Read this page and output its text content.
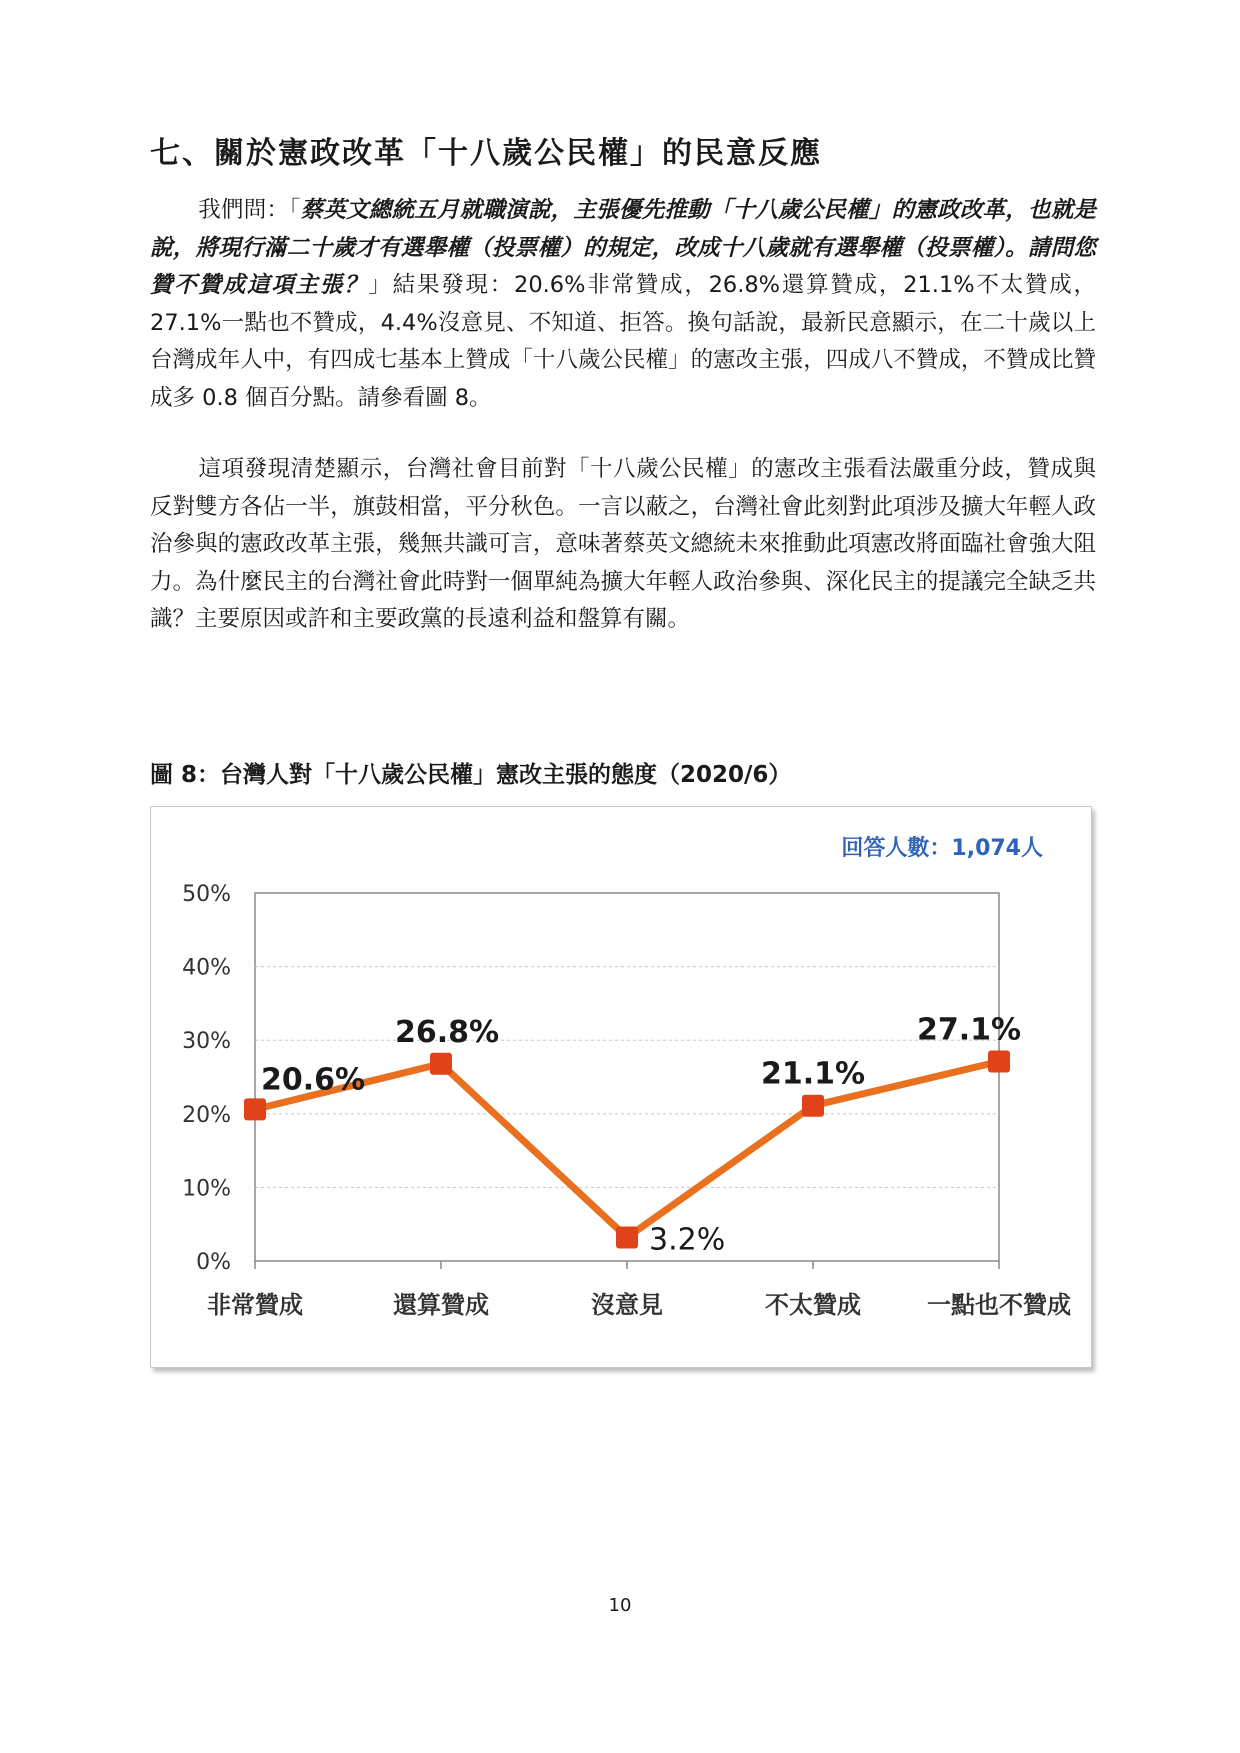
七、關於憲政改革「十八歲公民權」的民意反應
我們問：「蔡英文總統五月就職演說，主張優先推動「十八歲公民權」的憲政改革，也就是說，將現行滿二十歲才有選舉權（投票權）的規定，改成十八歲就有選舉權（投票權）。請問您贊不贊成這項主張？」結果發現：20.6%非常贊成，26.8%還算贊成，21.1%不太贊成，27.1%一點也不贊成，4.4%沒意見、不知道、拒答。換句話說，最新民意顯示，在二十歲以上台灣成年人中，有四成七基本上贊成「十八歲公民權」的憲改主張，四成八不贊成，不贊成比贊成多 0.8 個百分點。請參看圖 8。
這項發現清楚顯示，台灣社會目前對「十八歲公民權」的憲改主張看法嚴重分歧，贊成與反對雙方各佔一半，旗鼓相當，平分秋色。一言以蔽之，台灣社會此刻對此項涉及擴大年輕人政治參與的憲政改革主張，幾無共識可言，意味著蔡英文總統未來推動此項憲改將面臨社會強大阻力。為什麼民主的台灣社會此時對一個單純為擴大年輕人政治參與、深化民主的提議完全缺乏共識？主要原因或許和主要政黨的長遠利益和盤算有關。
圖 8：台灣人對「十八歲公民權」憲改主張的態度（2020/6）
0%
10%
20%
30%
40%
50%
非常贊成	還算贊成	沒意見	不太贊成	一點也不贊成
20.6%
26.8%
3.2%
21.1%
27.1%
回答人數：1,074人
10
